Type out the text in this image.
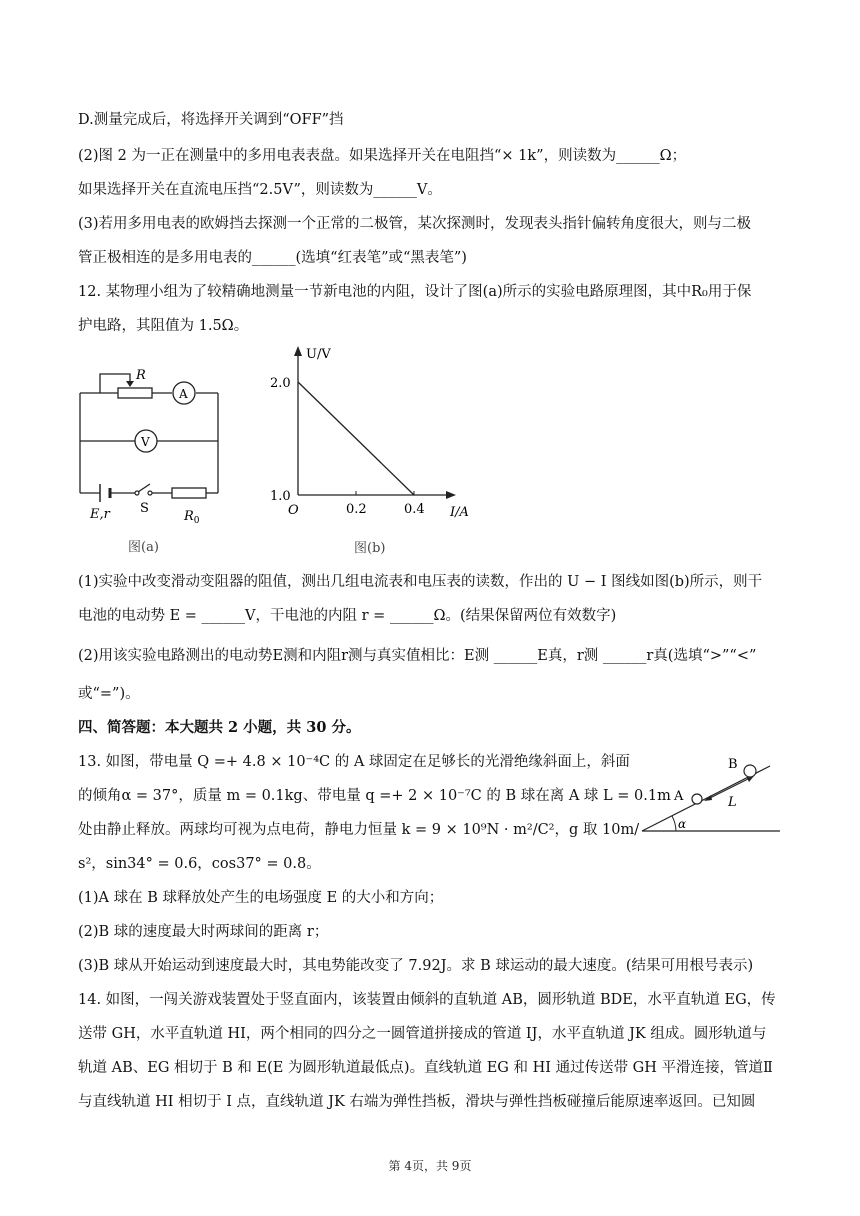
D.测量完成后，将选择开关调到“OFF”挡
(2)图 2 为一正在测量中的多用电表表盘。如果选择开关在电阻挡“× 1k”，则读数为______Ω；
如果选择开关在直流电压挡“2.5V”，则读数为______V。
(3)若用多用电表的欧姆挡去探测一个正常的二极管，某次探测时，发现表头指针偏转角度很大，则与二极
管正极相连的是多用电表的______(选填“红表笔”或“黑表笔”)
12. 某物理小组为了较精确地测量一节新电池的内阻，设计了图(a)所示的实验电路原理图，其中R₀用于保
护电路，其阻值为 1.5Ω。
(1)实验中改变滑动变阻器的阻值，测出几组电流表和电压表的读数，作出的 U − I 图线如图(b)所示，则干
电池的电动势 E = ______V，干电池的内阻 r = ______Ω。(结果保留两位有效数字)
(2)用该实验电路测出的电动势E测和内阻r测与真实值相比：E测 ______E真，r测 ______r真(选填“>”“<”
或“=”)。
四、简答题：本大题共 2 小题，共 30 分。
13. 如图，带电量 Q =+ 4.8 × 10⁻⁴C 的 A 球固定在足够长的光滑绝缘斜面上，斜面
的倾角α = 37°，质量 m = 0.1kg、带电量 q =+ 2 × 10⁻⁷C 的 B 球在离 A 球 L = 0.1m
处由静止释放。两球均可视为点电荷，静电力恒量 k = 9 × 10⁹N · m²/C²，g 取 10m/
s²，sin34° = 0.6，cos37° = 0.8。
(1)A 球在 B 球释放处产生的电场强度 E 的大小和方向；
(2)B 球的速度最大时两球间的距离 r；
(3)B 球从开始运动到速度最大时，其电势能改变了 7.92J。求 B 球运动的最大速度。(结果可用根号表示)
14. 如图，一闯关游戏装置处于竖直面内，该装置由倾斜的直轨道 AB，圆形轨道 BDE，水平直轨道 EG，传
送带 GH，水平直轨道 HI，两个相同的四分之一圆管道拼接成的管道 IJ，水平直轨道 JK 组成。圆形轨道与
轨道 AB、EG 相切于 B 和 E(E 为圆形轨道最低点)。直线轨道 EG 和 HI 通过传送带 GH 平滑连接，管道Ⅱ
与直线轨道 HI 相切于 I 点，直线轨道 JK 右端为弹性挡板，滑块与弹性挡板碰撞后能原速率返回。已知圆
R
A
V
E,r S
$R_0$
图(a)
U/V
I/A
O
1.0
2.0
0.2	0.4
图(b)
α
A
B
L
第 4页，共 9页
